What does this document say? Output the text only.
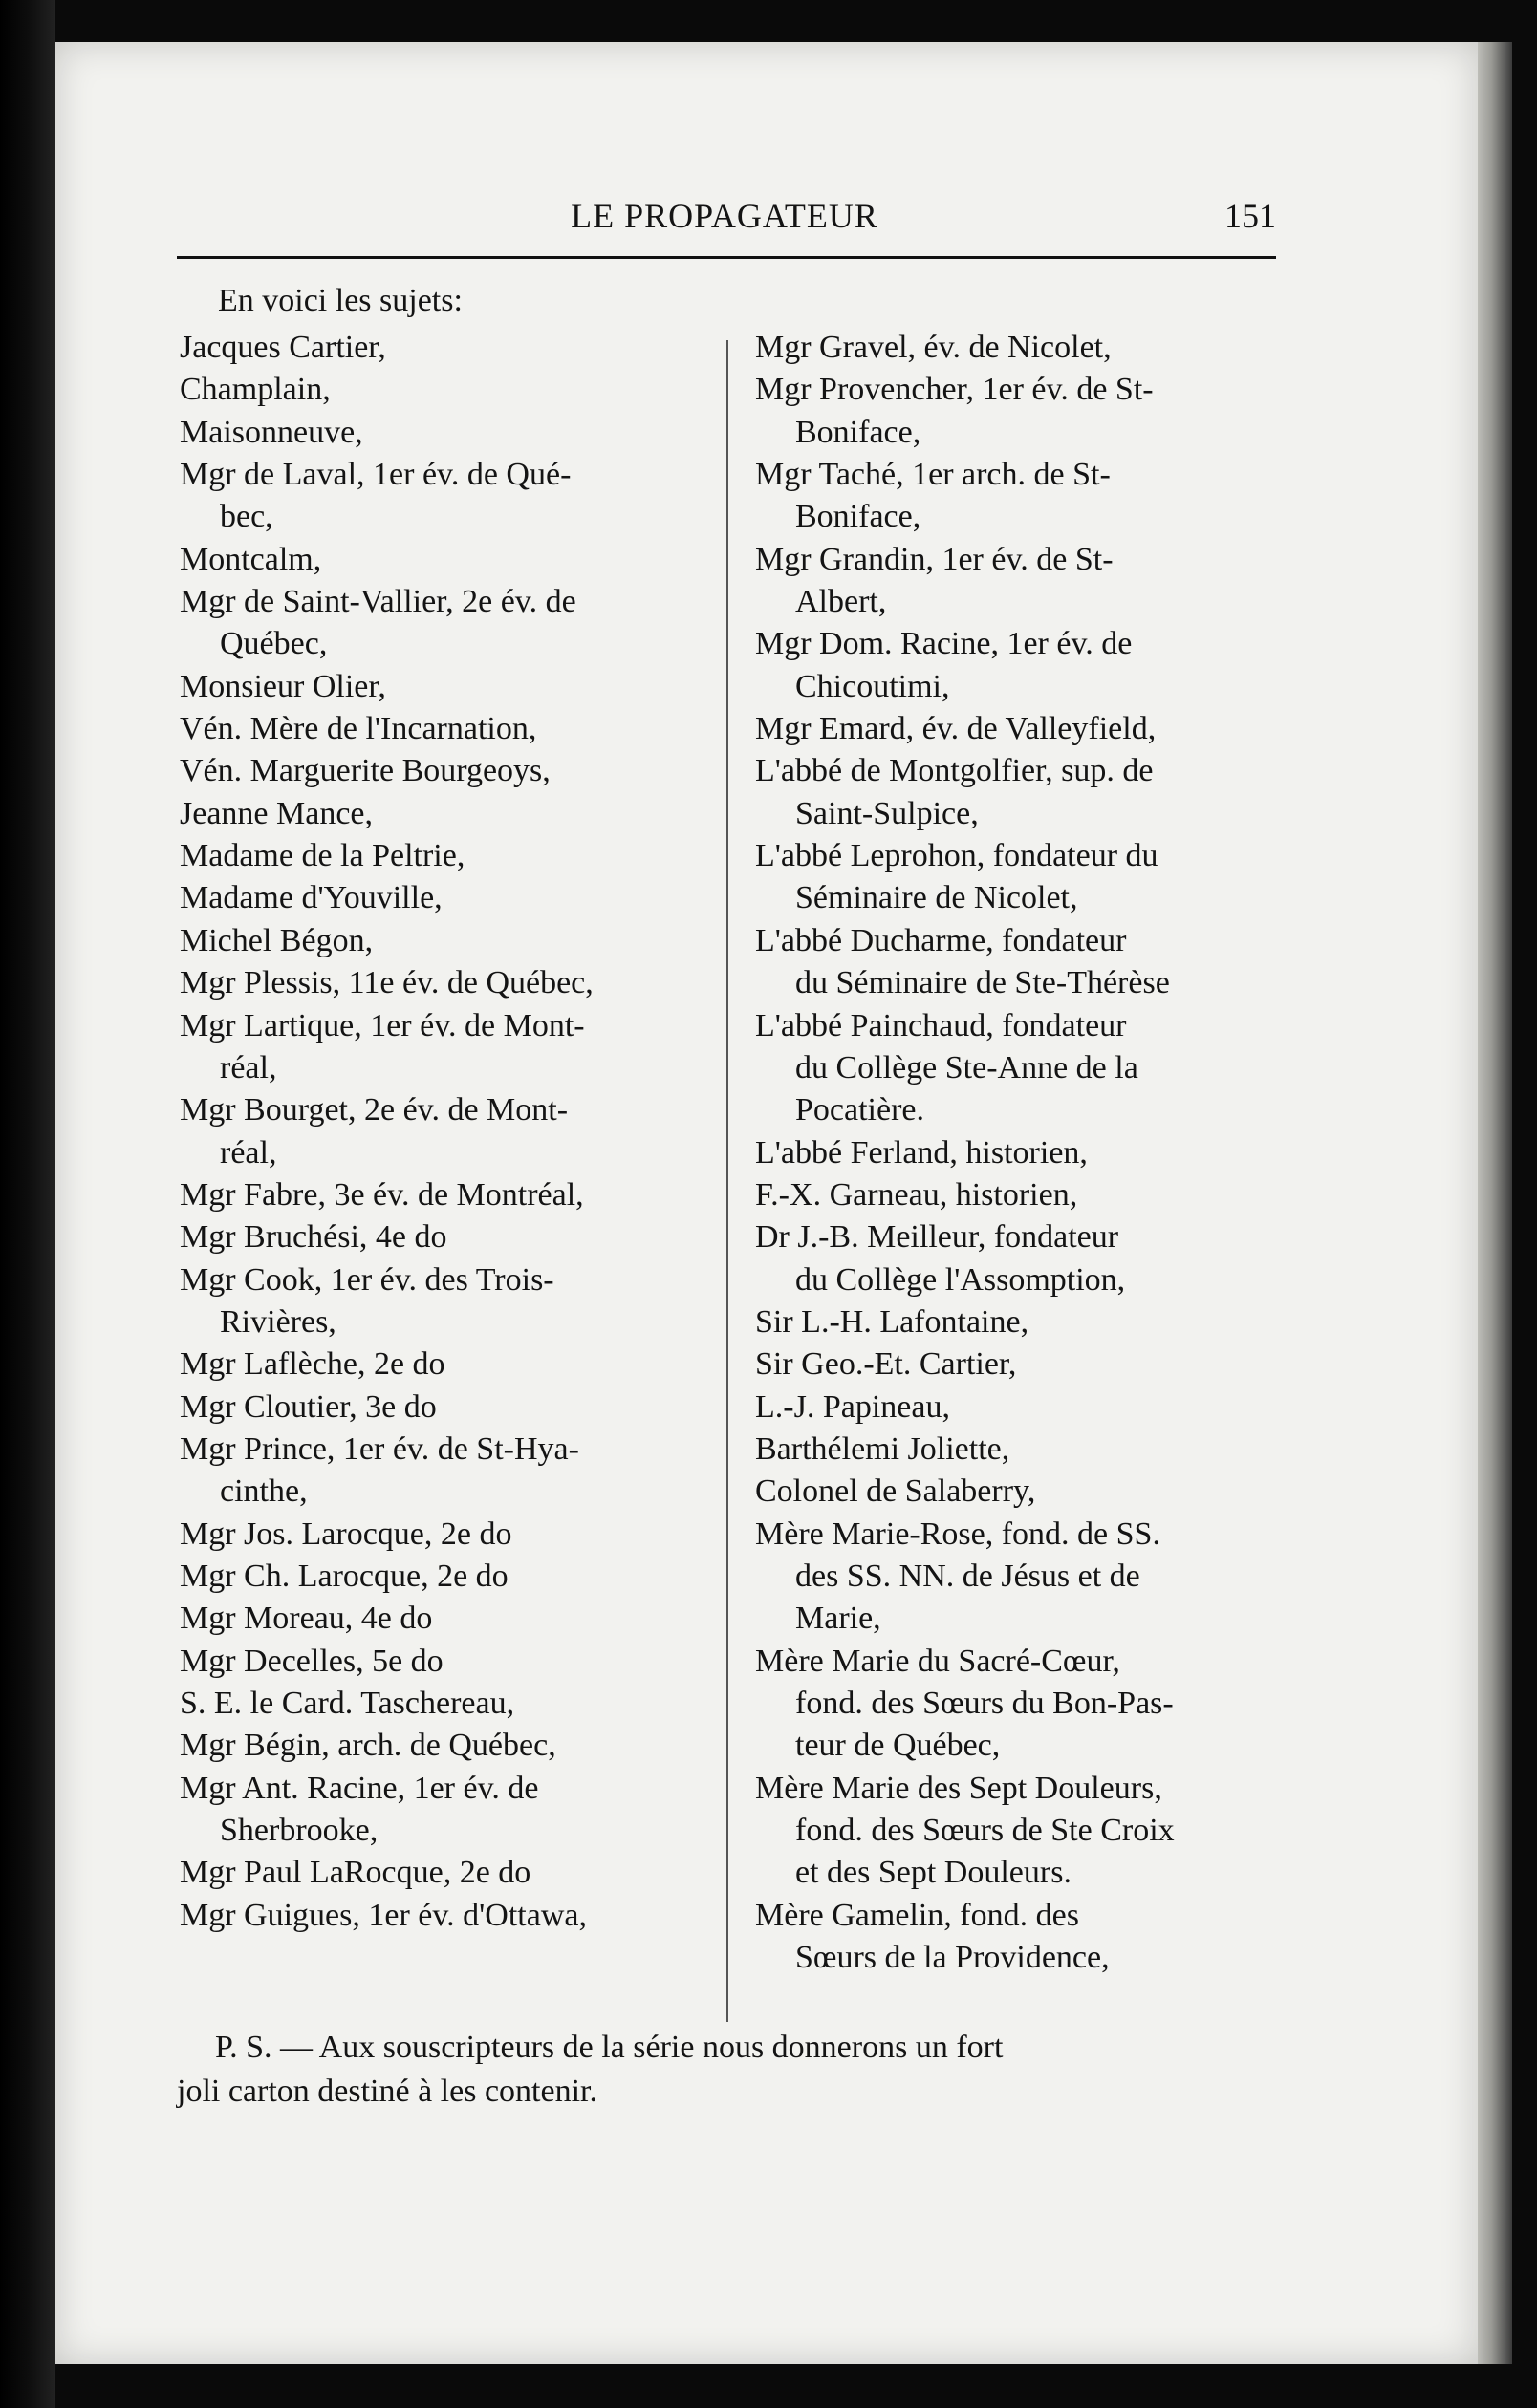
LE PROPAGATEUR	151
En voici les sujets:
Jacques Cartier,
Champlain,
Maisonneuve,
Mgr de Laval, 1er év. de Qué-
bec,
Montcalm,
Mgr de Saint-Vallier, 2e év. de
Québec,
Monsieur Olier,
Vén. Mère de l'Incarnation,
Vén. Marguerite Bourgeoys,
Jeanne Mance,
Madame de la Peltrie,
Madame d'Youville,
Michel Bégon,
Mgr Plessis, 11e év. de Québec,
Mgr Lartique, 1er év. de Mont-
réal,
Mgr Bourget, 2e év. de Mont-
réal,
Mgr Fabre, 3e év. de Montréal,
Mgr Bruchési, 4e do
Mgr Cook, 1er év. des Trois-
Rivières,
Mgr Laflèche, 2e do
Mgr Cloutier, 3e do
Mgr Prince, 1er év. de St-Hya-
cinthe,
Mgr Jos. Larocque, 2e do
Mgr Ch. Larocque, 2e do
Mgr Moreau, 4e do
Mgr Decelles, 5e do
S. E. le Card. Taschereau,
Mgr Bégin, arch. de Québec,
Mgr Ant. Racine, 1er év. de
Sherbrooke,
Mgr Paul LaRocque, 2e do
Mgr Guigues, 1er év. d'Ottawa,
Mgr Gravel, év. de Nicolet,
Mgr Provencher, 1er év. de St-
Boniface,
Mgr Taché, 1er arch. de St-
Boniface,
Mgr Grandin, 1er év. de St-
Albert,
Mgr Dom. Racine, 1er év. de
Chicoutimi,
Mgr Emard, év. de Valleyfield,
L'abbé de Montgolfier, sup. de
Saint-Sulpice,
L'abbé Leprohon, fondateur du
Séminaire de Nicolet,
L'abbé Ducharme, fondateur
du Séminaire de Ste-Thérèse
L'abbé Painchaud, fondateur
du Collège Ste-Anne de la
Pocatière.
L'abbé Ferland, historien,
F.-X. Garneau, historien,
Dr J.-B. Meilleur, fondateur
du Collège l'Assomption,
Sir L.-H. Lafontaine,
Sir Geo.-Et. Cartier,
L.-J. Papineau,
Barthélemi Joliette,
Colonel de Salaberry,
Mère Marie-Rose, fond. de SS.
des SS. NN. de Jésus et de
Marie,
Mère Marie du Sacré-Cœur,
fond. des Sœurs du Bon-Pas-
teur de Québec,
Mère Marie des Sept Douleurs,
fond. des Sœurs de Ste Croix
et des Sept Douleurs.
Mère Gamelin, fond. des
Sœurs de la Providence,
P. S. — Aux souscripteurs de la série nous donnerons un fort
joli carton destiné à les contenir.
